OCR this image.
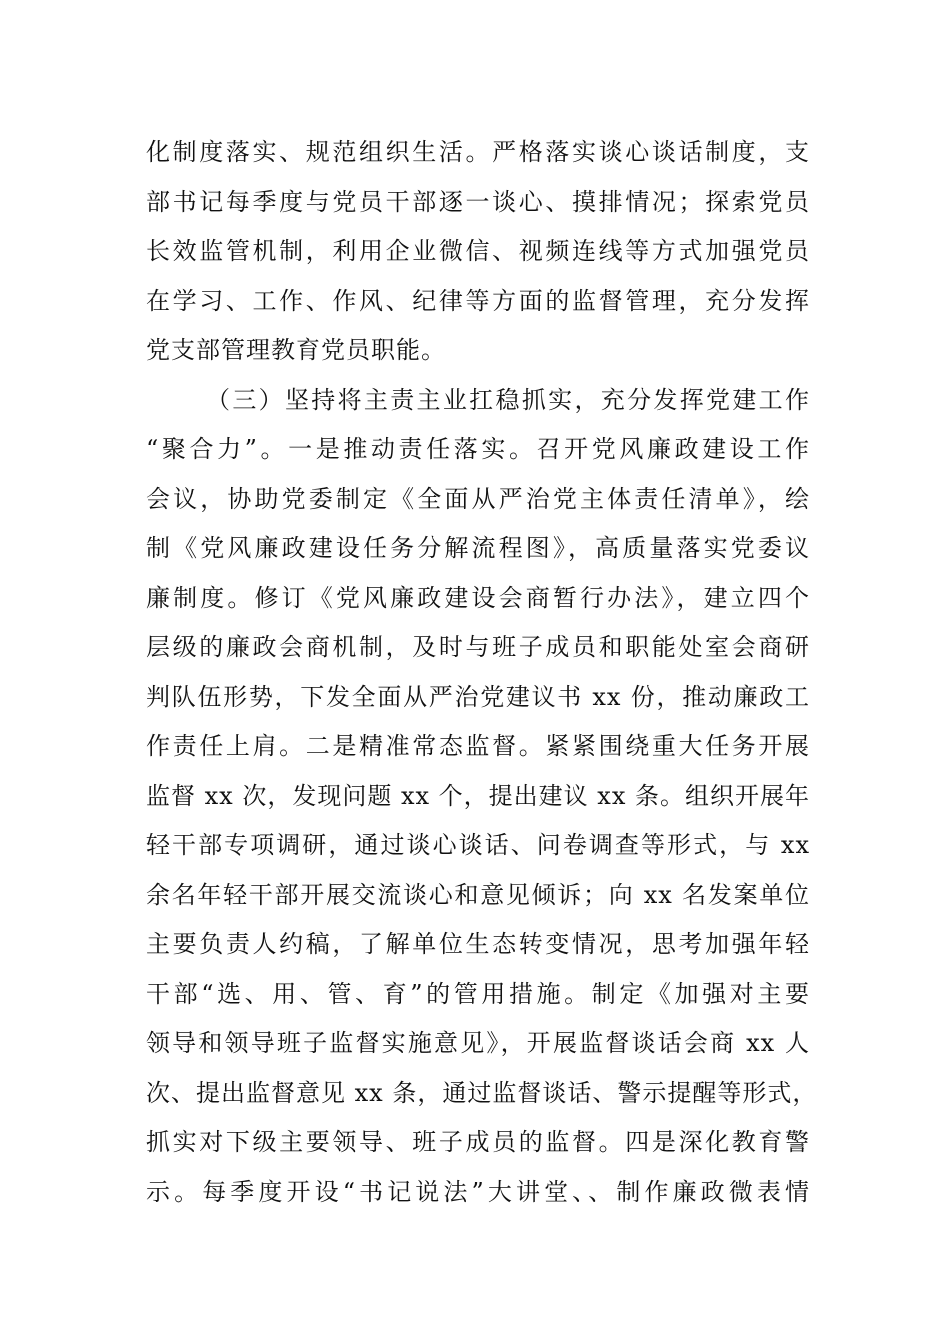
化制度落实、规范组织生活。严格落实谈心谈话制度，支
部书记每季度与党员干部逐一谈心、摸排情况；探索党员
长效监管机制，利用企业微信、视频连线等方式加强党员
在学习、工作、作风、纪律等方面的监督管理，充分发挥
党支部管理教育党员职能。
（三）坚持将主责主业扛稳抓实，充分发挥党建工作
“聚合力”。一是推动责任落实。召开党风廉政建设工作
会议，协助党委制定《全面从严治党主体责任清单》，绘
制《党风廉政建设任务分解流程图》，高质量落实党委议
廉制度。修订《党风廉政建设会商暂行办法》，建立四个
层级的廉政会商机制，及时与班子成员和职能处室会商研
判队伍形势，下发全面从严治党建议书 xx 份，推动廉政工
作责任上肩。二是精准常态监督。紧紧围绕重大任务开展
监督 xx 次，发现问题 xx 个，提出建议 xx 条。组织开展年
轻干部专项调研，通过谈心谈话、问卷调查等形式，与 xx
余名年轻干部开展交流谈心和意见倾诉；向 xx 名发案单位
主要负责人约稿，了解单位生态转变情况，思考加强年轻
干部“选、用、管、育”的管用措施。制定《加强对主要
领导和领导班子监督实施意见》，开展监督谈话会商 xx 人
次、提出监督意见 xx 条，通过监督谈话、警示提醒等形式，
抓实对下级主要领导、班子成员的监督。四是深化教育警
示。每季度开设“书记说法”大讲堂、、制作廉政微表情
